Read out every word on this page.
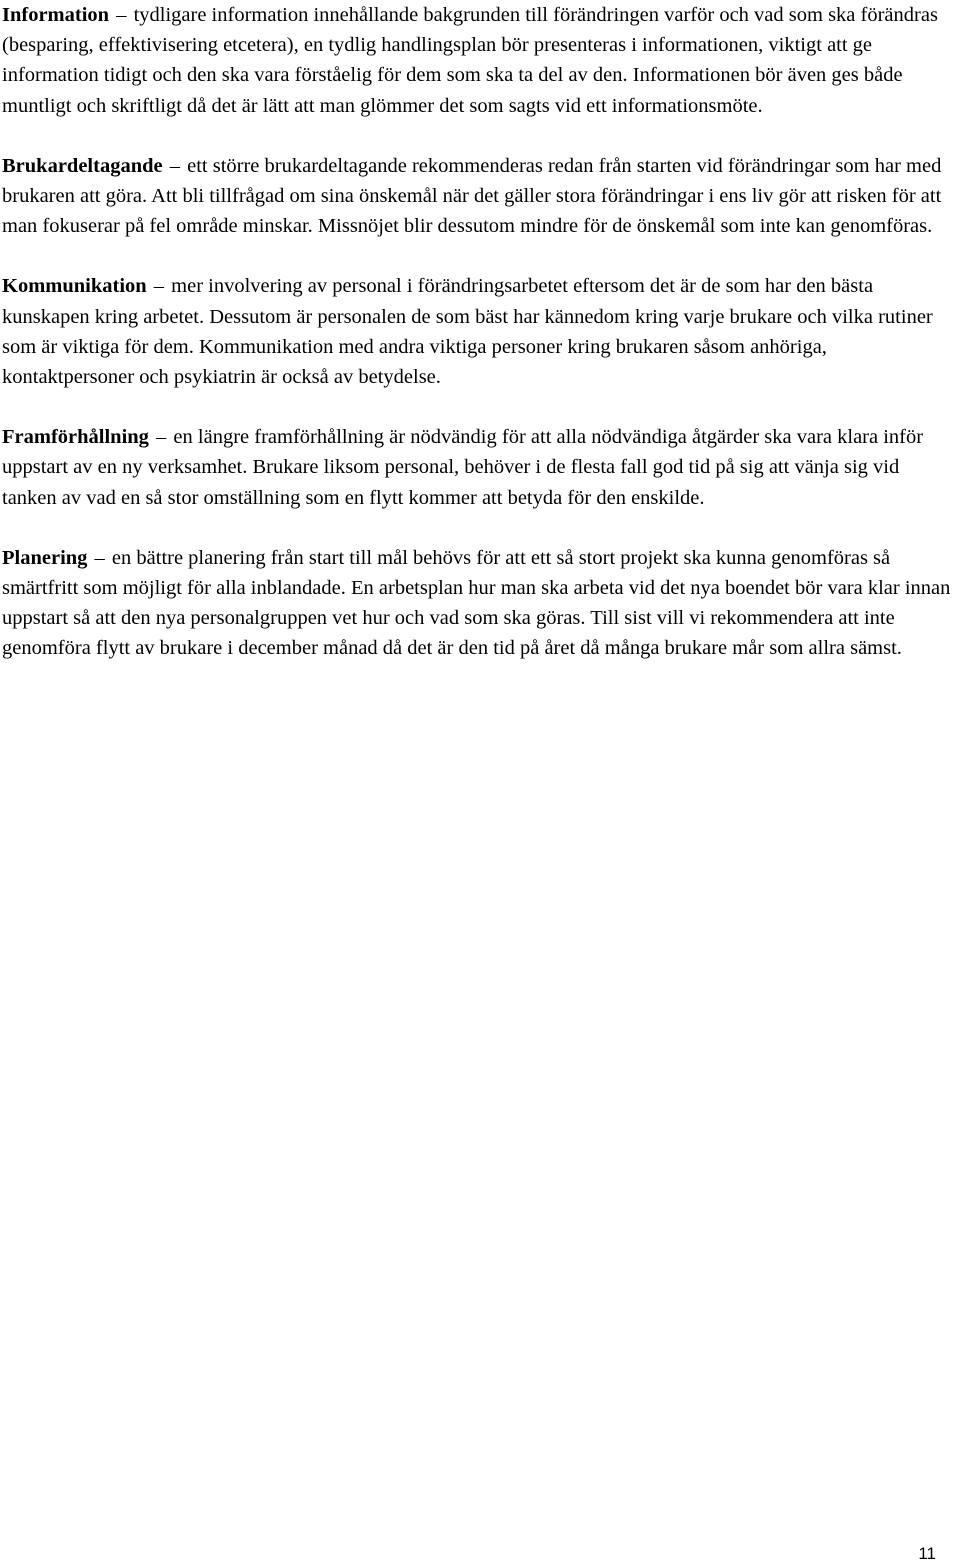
Information – tydligare information innehållande bakgrunden till förändringen varför och vad som ska förändras (besparing, effektivisering etcetera), en tydlig handlingsplan bör presenteras i informationen, viktigt att ge information tidigt och den ska vara förståelig för dem som ska ta del av den. Informationen bör även ges både muntligt och skriftligt då det är lätt att man glömmer det som sagts vid ett informationsmöte.

Brukardeltagande – ett större brukardeltagande rekommenderas redan från starten vid förändringar som har med brukaren att göra. Att bli tillfrågad om sina önskemål när det gäller stora förändringar i ens liv gör att risken för att man fokuserar på fel område minskar. Missnöjet blir dessutom mindre för de önskemål som inte kan genomföras.

Kommunikation – mer involvering av personal i förändringsarbetet eftersom det är de som har den bästa kunskapen kring arbetet. Dessutom är personalen de som bäst har kännedom kring varje brukare och vilka rutiner som är viktiga för dem. Kommunikation med andra viktiga personer kring brukaren såsom anhöriga, kontaktpersoner och psykiatrin är också av betydelse.

Framförhållning – en längre framförhållning är nödvändig för att alla nödvändiga åtgärder ska vara klara inför uppstart av en ny verksamhet. Brukare liksom personal, behöver i de flesta fall god tid på sig att vänja sig vid tanken av vad en så stor omställning som en flytt kommer att betyda för den enskilde.

Planering – en bättre planering från start till mål behövs för att ett så stort projekt ska kunna genomföras så smärtfritt som möjligt för alla inblandade. En arbetsplan hur man ska arbeta vid det nya boendet bör vara klar innan uppstart så att den nya personalgruppen vet hur och vad som ska göras. Till sist vill vi rekommendera att inte genomföra flytt av brukare i december månad då det är den tid på året då många brukare mår som allra sämst.

11
